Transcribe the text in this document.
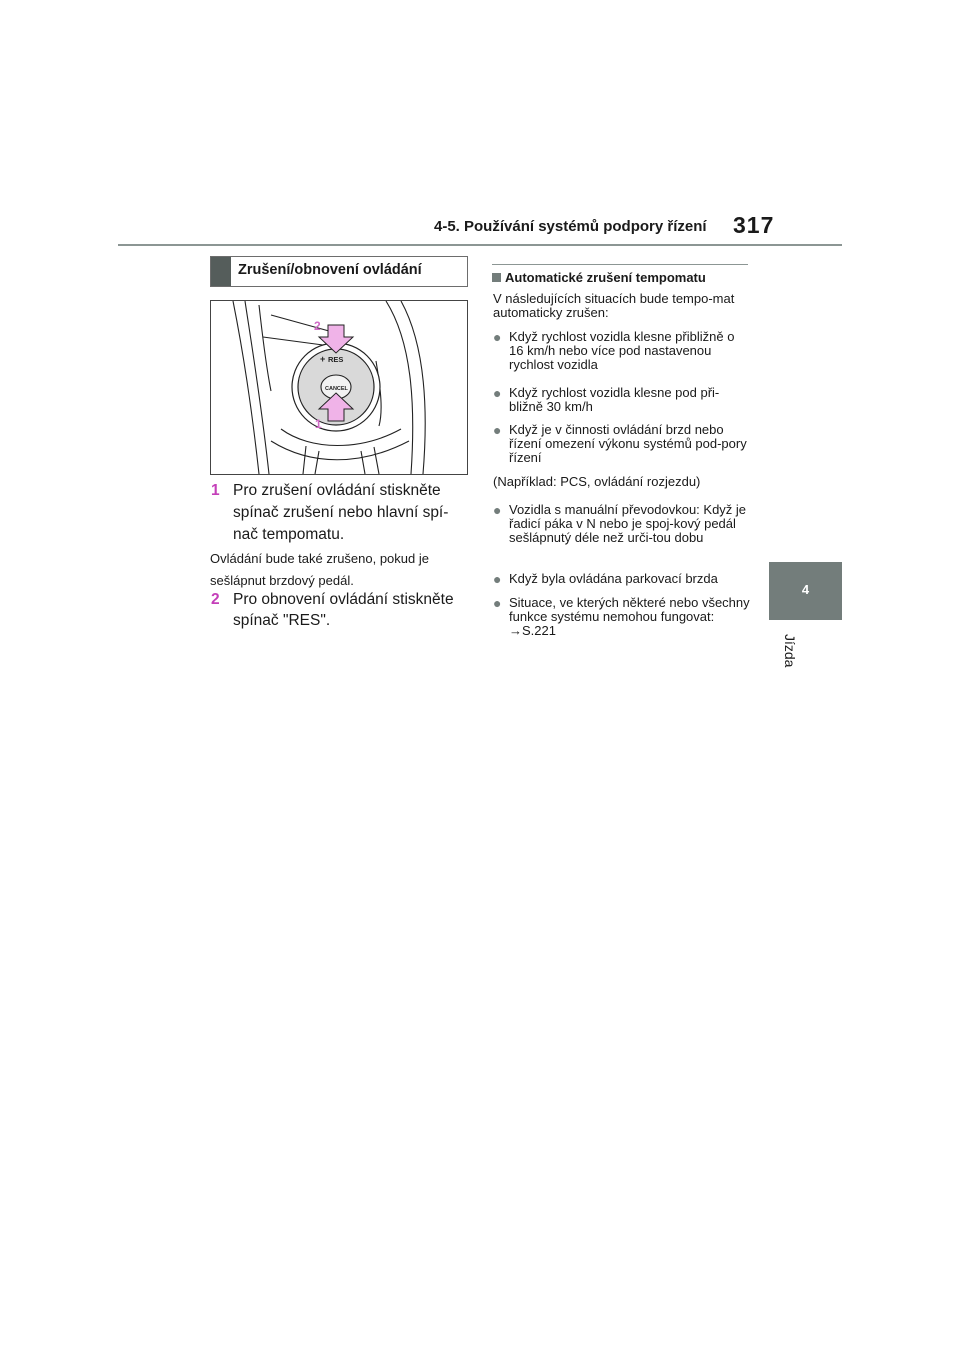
4-5. Používání systémů podpory řízení 317
4
Jízda
Zrušení/obnovení ovládání
+ RES
CANCEL
2
1
1 Pro zrušení ovládání stiskněte spínač zrušení nebo hlavní spí-nač tempomatu.
Ovládání bude také zrušeno, pokud je sešlápnut brzdový pedál.
2 Pro obnovení ovládání stiskněte spínač "RES".
Automatické zrušení tempomatu
V následujících situacích bude tempo-mat automaticky zrušen:
● Když rychlost vozidla klesne přibližně o 16 km/h nebo více pod nastavenou rychlost vozidla
● Když rychlost vozidla klesne pod při-bližně 30 km/h
● Když je v činnosti ovládání brzd nebo řízení omezení výkonu systémů pod-pory řízení
(Například: PCS, ovládání rozjezdu)
● Vozidla s manuální převodovkou: Když je řadicí páka v N nebo je spoj-kový pedál sešlápnutý déle než urči-tou dobu
● Když byla ovládána parkovací brzda
● Situace, ve kterých některé nebo všechny funkce systému nemohou fungovat: →S.221
